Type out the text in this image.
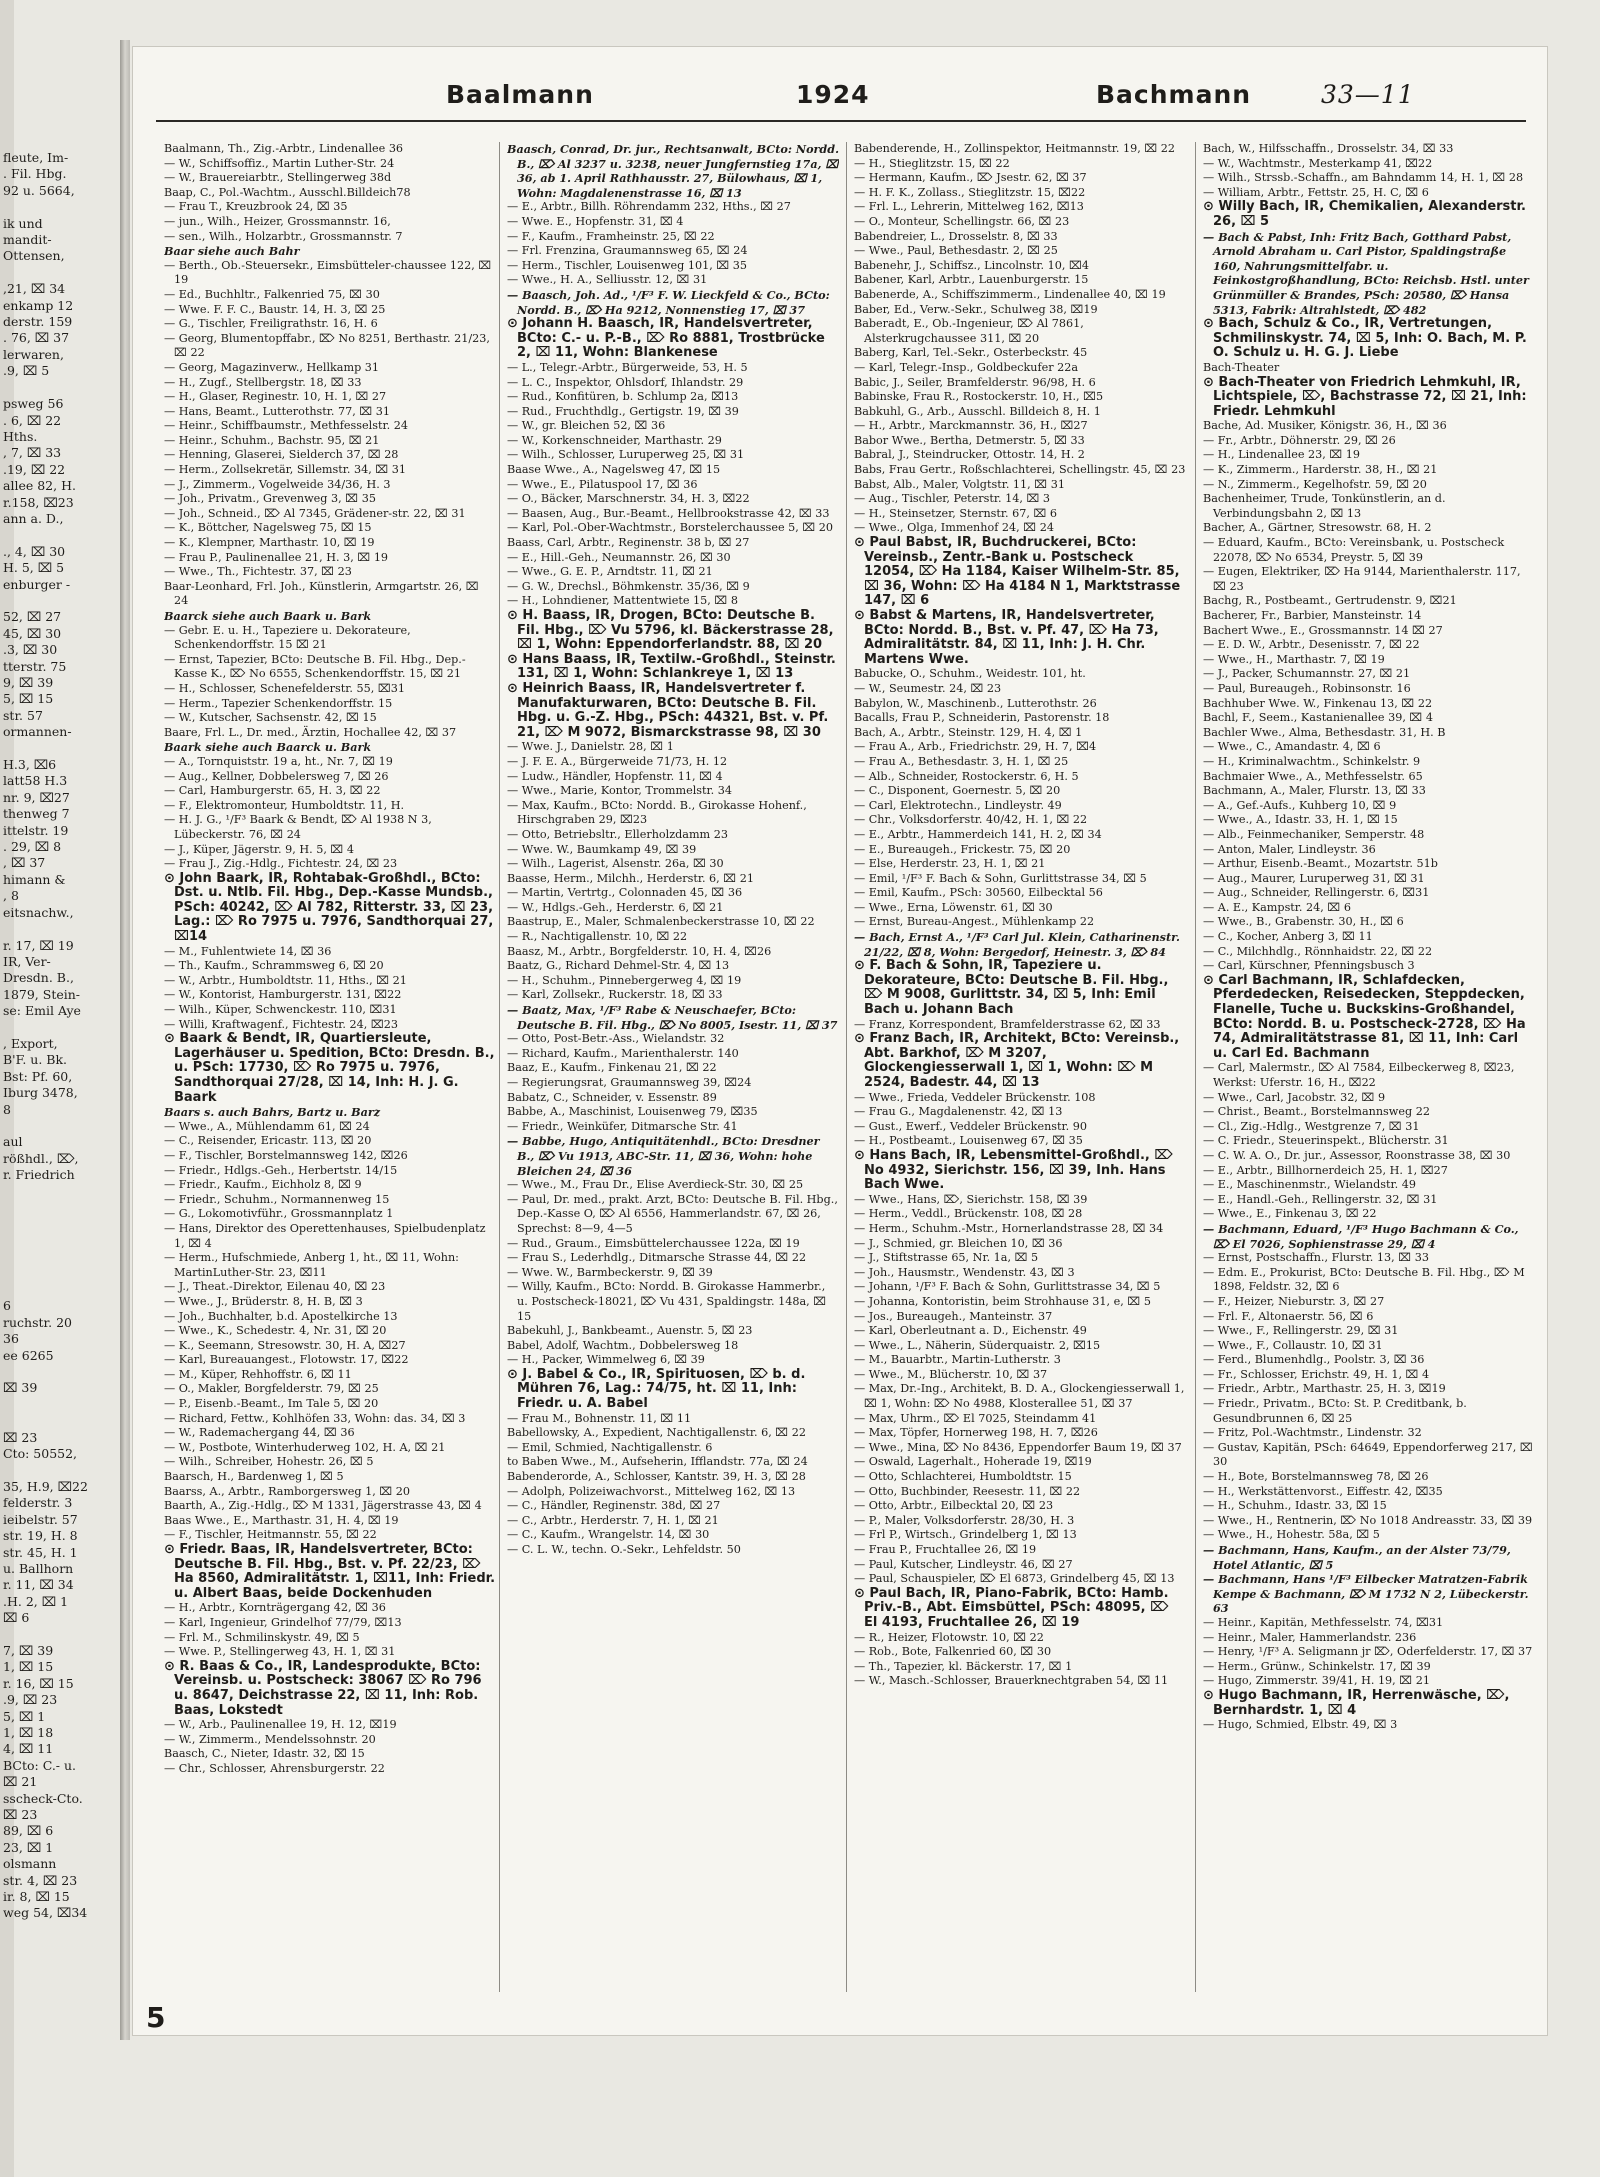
fleute, Im-
. Fil. Hbg.
92 u. 5664,

ik und
mandit-
Ottensen,

,21, ⌧ 34
enkamp 12
derstr. 159
. 76, ⌧ 37
lerwaren,
.9, ⌧ 5

psweg 56
. 6, ⌧ 22
Hths.
, 7, ⌧ 33
.19, ⌧ 22
allee 82, H.
r.158, ⌧23
ann a. D.,

., 4, ⌧ 30
H. 5, ⌧ 5
enburger -

52, ⌧ 27
45, ⌧ 30
.3, ⌧ 30
tterstr. 75
9, ⌧ 39
5, ⌧ 15
str. 57
ormannen-

H.3, ⌧6
latt58 H.3
nr. 9, ⌧27
thenweg 7
ittelstr. 19
. 29, ⌧ 8
, ⌧ 37
himann &
, 8
eitsnachw.,

r. 17, ⌧ 19
IR, Ver-
Dresdn. B.,
1879, Stein-
se: Emil Aye

, Export,
B'F. u. Bk.
Bst: Pf. 60,
Iburg 3478,
8

aul
rößhdl., ⌦,
r. Friedrich

6
ruchstr. 20
36
ee 6265

⌧ 39

⌧ 23
Cto: 50552,

35, H.9, ⌧22
felderstr. 3
ieibelstr. 57
str. 19, H. 8
str. 45, H. 1
u. Ballhorn
r. 11, ⌧ 34
.H. 2, ⌧ 1
⌧ 6

7, ⌧ 39
1, ⌧ 15
r. 16, ⌧ 15
.9, ⌧ 23
5, ⌧ 1
1, ⌧ 18
4, ⌧ 11
BCto: C.- u.
⌧ 21
sscheck-Cto.
⌧ 23
89, ⌧ 6
23, ⌧ 1
olsmann
str. 4, ⌧ 23
ir. 8, ⌧ 15
weg 54, ⌧34
Baalmann	1924	Bachmann	33—11

Baalmann, Th., Zig.-Arbtr., Lindenallee 36

— W., Schiffsoffiz., Martin Luther-Str. 24

— W., Brauereiarbtr., Stellingerweg 38d

Baap, C., Pol.-Wachtm., Ausschl.Billdeich78

— Frau T., Kreuzbrook 24, ⌧ 35

— jun., Wilh., Heizer, Grossmannstr. 16,

— sen., Wilh., Holzarbtr., Grossmannstr. 7

Baar siehe auch Bahr

— Berth., Ob.-Steuersekr., Eimsbütteler-chaussee 122, ⌧ 19

— Ed., Buchhltr., Falkenried 75, ⌧ 30

— Wwe. F. F. C., Baustr. 14, H. 3, ⌧ 25

— G., Tischler, Freiligrathstr. 16, H. 6

— Georg, Blumentopffabr., ⌦ No 8251, Berthastr. 21/23, ⌧ 22

— Georg, Magazinverw., Hellkamp 31

— H., Zugf., Stellbergstr. 18, ⌧ 33

— H., Glaser, Reginestr. 10, H. 1, ⌧ 27

— Hans, Beamt., Lutterothstr. 77, ⌧ 31

— Heinr., Schiffbaumstr., Methfesselstr. 24

— Heinr., Schuhm., Bachstr. 95, ⌧ 21

— Henning, Glaserei, Sielderch 37, ⌧ 28

— Herm., Zollsekretär, Sillemstr. 34, ⌧ 31

— J., Zimmerm., Vogelweide 34/36, H. 3

— Joh., Privatm., Grevenweg 3, ⌧ 35

— Joh., Schneid., ⌦ Al 7345, Grädener-str. 22, ⌧ 31

— K., Böttcher, Nagelsweg 75, ⌧ 15

— K., Klempner, Marthastr. 10, ⌧ 19

— Frau P., Paulinenallee 21, H. 3, ⌧ 19

— Wwe., Th., Fichtestr. 37, ⌧ 23

Baar-Leonhard, Frl. Joh., Künstlerin, Armgartstr. 26, ⌧ 24

Baarck siehe auch Baark u. Bark

— Gebr. E. u. H., Tapeziere u. Dekorateure, Schenkendorffstr. 15 ⌧ 21

— Ernst, Tapezier, BCto: Deutsche B. Fil. Hbg., Dep.-Kasse K., ⌦ No 6555, Schenkendorffstr. 15, ⌧ 21

— H., Schlosser, Schenefelderstr. 55, ⌧31

— Herm., Tapezier Schenkendorffstr. 15

— W., Kutscher, Sachsenstr. 42, ⌧ 15

Baare, Frl. L., Dr. med., Ärztin, Hochallee 42, ⌧ 37

Baark siehe auch Baarck u. Bark

— A., Tornquiststr. 19 a, ht., Nr. 7, ⌧ 19

— Aug., Kellner, Dobbelersweg 7, ⌧ 26

— Carl, Hamburgerstr. 65, H. 3, ⌧ 22

— F., Elektromonteur, Humboldtstr. 11, H.

— H. J. G., ¹/F³ Baark & Bendt, ⌦ Al 1938 N 3, Lübeckerstr. 76, ⌧ 24

— J., Küper, Jägerstr. 9, H. 5, ⌧ 4

— Frau J., Zig.-Hdlg., Fichtestr. 24, ⌧ 23

⊙ John Baark, IR, Rohtabak-Großhdl., BCto: Dst. u. Ntlb. Fil. Hbg., Dep.-Kasse Mundsb., PSch: 40242, ⌦ Al 782, Ritterstr. 33, ⌧ 23, Lag.: ⌦ Ro 7975 u. 7976, Sandthorquai 27, ⌧14

— M., Fuhlentwiete 14, ⌧ 36

— Th., Kaufm., Schrammsweg 6, ⌧ 20

— W., Arbtr., Humboldtstr. 11, Hths., ⌧ 21

— W., Kontorist, Hamburgerstr. 131, ⌧22

— Wilh., Küper, Schwenckestr. 110, ⌧31

— Willi, Kraftwagenf., Fichtestr. 24, ⌧23

⊙ Baark & Bendt, IR, Quartiersleute, Lagerhäuser u. Spedition, BCto: Dresdn. B., u. PSch: 17730, ⌦ Ro 7975 u. 7976, Sandthorquai 27/28, ⌧ 14, Inh: H. J. G. Baark

Baars s. auch Bahrs, Bartz u. Barz

— Wwe., A., Mühlendamm 61, ⌧ 24

— C., Reisender, Ericastr. 113, ⌧ 20

— F., Tischler, Borstelmannsweg 142, ⌧26

— Friedr., Hdlgs.-Geh., Herbertstr. 14/15

— Friedr., Kaufm., Eichholz 8, ⌧ 9

— Friedr., Schuhm., Normannenweg 15

— G., Lokomotivführ., Grossmannplatz 1

— Hans, Direktor des Operettenhauses, Spielbudenplatz 1, ⌧ 4

— Herm., Hufschmiede, Anberg 1, ht., ⌧ 11, Wohn: MartinLuther-Str. 23, ⌧11

— J., Theat.-Direktor, Eilenau 40, ⌧ 23

— Wwe., J., Brüderstr. 8, H. B, ⌧ 3

— Joh., Buchhalter, b.d. Apostelkirche 13

— Wwe., K., Schedestr. 4, Nr. 31, ⌧ 20

— K., Seemann, Stresowstr. 30, H. A, ⌧27

— Karl, Bureauangest., Flotowstr. 17, ⌧22

— M., Küper, Rehhoffstr. 6, ⌧ 11

— O., Makler, Borgfelderstr. 79, ⌧ 25

— P., Eisenb.-Beamt., Im Tale 5, ⌧ 20

— Richard, Fettw., Kohlhöfen 33, Wohn: das. 34, ⌧ 3

— W., Rademachergang 44, ⌧ 36

— W., Postbote, Winterhuderweg 102, H. A, ⌧ 21

— Wilh., Schreiber, Hohestr. 26, ⌧ 5

Baarsch, H., Bardenweg 1, ⌧ 5

Baarss, A., Arbtr., Ramborgersweg 1, ⌧ 20

Baarth, A., Zig.-Hdlg., ⌦ M 1331, Jägerstrasse 43, ⌧ 4

Baas Wwe., E., Marthastr. 31, H. 4, ⌧ 19

— F., Tischler, Heitmannstr. 55, ⌧ 22

⊙ Friedr. Baas, IR, Handelsvertreter, BCto: Deutsche B. Fil. Hbg., Bst. v. Pf. 22/23, ⌦ Ha 8560, Admiralitätstr. 1, ⌧11, Inh: Friedr. u. Albert Baas, beide Dockenhuden

— H., Arbtr., Kornträgergang 42, ⌧ 36

— Karl, Ingenieur, Grindelhof 77/79, ⌧13

— Frl. M., Schmilinskystr. 49, ⌧ 5

— Wwe. P., Stellingerweg 43, H. 1, ⌧ 31

⊙ R. Baas & Co., IR, Landesprodukte, BCto: Vereinsb. u. Postscheck: 38067 ⌦ Ro 796 u. 8647, Deichstrasse 22, ⌧ 11, Inh: Rob. Baas, Lokstedt

— W., Arb., Paulinenallee 19, H. 12, ⌧19

— W., Zimmerm., Mendelssohnstr. 20

Baasch, C., Nieter, Idastr. 32, ⌧ 15

— Chr., Schlosser, Ahrensburgerstr. 22

Baasch, Conrad, Dr. jur., Rechtsanwalt, BCto: Nordd. B., ⌦ Al 3237 u. 3238, neuer Jungfernstieg 17a, ⌧ 36, ab 1. April Rathhausstr. 27, Bülowhaus, ⌧ 1, Wohn: Magdalenenstrasse 16, ⌧ 13

— E., Arbtr., Billh. Röhrendamm 232, Hths., ⌧ 27

— Wwe. E., Hopfenstr. 31, ⌧ 4

— F., Kaufm., Framheinstr. 25, ⌧ 22

— Frl. Frenzina, Graumannsweg 65, ⌧ 24

— Herm., Tischler, Louisenweg 101, ⌧ 35

— Wwe., H. A., Selliusstr. 12, ⌧ 31

— Baasch, Joh. Ad., ¹/F³ F. W. Lieckfeld & Co., BCto: Nordd. B., ⌦ Ha 9212, Nonnenstieg 17, ⌧ 37

⊙ Johann H. Baasch, IR, Handelsvertreter, BCto: C.- u. P.-B., ⌦ Ro 8881, Trostbrücke 2, ⌧ 11, Wohn: Blankenese

— L., Telegr.-Arbtr., Bürgerweide, 53, H. 5

— L. C., Inspektor, Ohlsdorf, Ihlandstr. 29

— Rud., Konfitüren, b. Schlump 2a, ⌧13

— Rud., Fruchthdlg., Gertigstr. 19, ⌧ 39

— W., gr. Bleichen 52, ⌧ 36

— W., Korkenschneider, Marthastr. 29

— Wilh., Schlosser, Luruperweg 25, ⌧ 31

Baase Wwe., A., Nagelsweg 47, ⌧ 15

— Wwe., E., Pilatuspool 17, ⌧ 36

— O., Bäcker, Marschnerstr. 34, H. 3, ⌧22

— Baasen, Aug., Bur.-Beamt., Hellbrookstrasse 42, ⌧ 33

— Karl, Pol.-Ober-Wachtmstr., Borstelerchaussee 5, ⌧ 20

Baass, Carl, Arbtr., Reginenstr. 38 b, ⌧ 27

— E., Hill.-Geh., Neumannstr. 26, ⌧ 30

— Wwe., G. E. P., Arndtstr. 11, ⌧ 21

— G. W., Drechsl., Böhmkenstr. 35/36, ⌧ 9

— H., Lohndiener, Mattentwiete 15, ⌧ 8

⊙ H. Baass, IR, Drogen, BCto: Deutsche B. Fil. Hbg., ⌦ Vu 5796, kl. Bäckerstrasse 28, ⌧ 1, Wohn: Eppendorferlandstr. 88, ⌧ 20

⊙ Hans Baass, IR, Textilw.-Großhdl., Steinstr. 131, ⌧ 1, Wohn: Schlankreye 1, ⌧ 13

⊙ Heinrich Baass, IR, Handelsvertreter f. Manufakturwaren, BCto: Deutsche B. Fil. Hbg. u. G.-Z. Hbg., PSch: 44321, Bst. v. Pf. 21, ⌦ M 9072, Bismarckstrasse 98, ⌧ 30

— Wwe. J., Danielstr. 28, ⌧ 1

— J. F. E. A., Bürgerweide 71/73, H. 12

— Ludw., Händler, Hopfenstr. 11, ⌧ 4

— Wwe., Marie, Kontor, Trommelstr. 34

— Max, Kaufm., BCto: Nordd. B., Girokasse Hohenf., Hirschgraben 29, ⌧23

— Otto, Betriebsltr., Ellerholzdamm 23

— Wwe. W., Baumkamp 49, ⌧ 39

— Wilh., Lagerist, Alsenstr. 26a, ⌧ 30

Baasse, Herm., Milchh., Herderstr. 6, ⌧ 21

— Martin, Vertrtg., Colonnaden 45, ⌧ 36

— W., Hdlgs.-Geh., Herderstr. 6, ⌧ 21

Baastrup, E., Maler, Schmalenbeckerstrasse 10, ⌧ 22

— R., Nachtigallenstr. 10, ⌧ 22

Baasz, M., Arbtr., Borgfelderstr. 10, H. 4, ⌧26

Baatz, G., Richard Dehmel-Str. 4, ⌧ 13

— H., Schuhm., Pinnebergerweg 4, ⌧ 19

— Karl, Zollsekr., Ruckerstr. 18, ⌧ 33

— Baatz, Max, ¹/F³ Rabe & Neuschaefer, BCto: Deutsche B. Fil. Hbg., ⌦ No 8005, Isestr. 11, ⌧ 37

— Otto, Post-Betr.-Ass., Wielandstr. 32

— Richard, Kaufm., Marienthalerstr. 140

Baaz, E., Kaufm., Finkenau 21, ⌧ 22

— Regierungsrat, Graumannsweg 39, ⌧24

Babatz, C., Schneider, v. Essenstr. 89

Babbe, A., Maschinist, Louisenweg 79, ⌧35

— Friedr., Weinküfer, Ditmarsche Str. 41

— Babbe, Hugo, Antiquitätenhdl., BCto: Dresdner B., ⌦ Vu 1913, ABC-Str. 11, ⌧ 36, Wohn: hohe Bleichen 24, ⌧ 36

— Wwe., M., Frau Dr., Elise Averdieck-Str. 30, ⌧ 25

— Paul, Dr. med., prakt. Arzt, BCto: Deutsche B. Fil. Hbg., Dep.-Kasse O, ⌦ Al 6556, Hammerlandstr. 67, ⌧ 26, Sprechst: 8—9, 4—5

— Rud., Graum., Eimsbüttelerchaussee 122a, ⌧ 19

— Frau S., Lederhdlg., Ditmarsche Strasse 44, ⌧ 22

— Wwe. W., Barmbeckerstr. 9, ⌧ 39

— Willy, Kaufm., BCto: Nordd. B. Girokasse Hammerbr., u. Postscheck-18021, ⌦ Vu 431, Spaldingstr. 148a, ⌧ 15

Babekuhl, J., Bankbeamt., Auenstr. 5, ⌧ 23

Babel, Adolf, Wachtm., Dobbelersweg 18

— H., Packer, Wimmelweg 6, ⌧ 39

⊙ J. Babel & Co., IR, Spirituosen, ⌦ b. d. Mühren 76, Lag.: 74/75, ht. ⌧ 11, Inh: Friedr. u. A. Babel

— Frau M., Bohnenstr. 11, ⌧ 11

Babellowsky, A., Expedient, Nachtigallenstr. 6, ⌧ 22

— Emil, Schmied, Nachtigallenstr. 6

to Baben Wwe., M., Aufseherin, Ifflandstr. 77a, ⌧ 24

Babenderorde, A., Schlosser, Kantstr. 39, H. 3, ⌧ 28

— Adolph, Polizeiwachvorst., Mittelweg 162, ⌧ 13

— C., Händler, Reginenstr. 38d, ⌧ 27

— C., Arbtr., Herderstr. 7, H. 1, ⌧ 21

— C., Kaufm., Wrangelstr. 14, ⌧ 30

— C. L. W., techn. O.-Sekr., Lehfeldstr. 50

Babenderende, H., Zollinspektor, Heitmannstr. 19, ⌧ 22

— H., Stieglitzstr. 15, ⌧ 22

— Hermann, Kaufm., ⌦ Jsestr. 62, ⌧ 37

— H. F. K., Zollass., Stieglitzstr. 15, ⌧22

— Frl. L., Lehrerin, Mittelweg 162, ⌧13

— O., Monteur, Schellingstr. 66, ⌧ 23

Babendreier, L., Drosselstr. 8, ⌧ 33

— Wwe., Paul, Bethesdastr. 2, ⌧ 25

Babenehr, J., Schiffsz., Lincolnstr. 10, ⌧4

Babener, Karl, Arbtr., Lauenburgerstr. 15

Babenerde, A., Schiffszimmerm., Lindenallee 40, ⌧ 19

Baber, Ed., Verw.-Sekr., Schulweg 38, ⌧19

Baberadt, E., Ob.-Ingenieur, ⌦ Al 7861, Alsterkrugchaussee 311, ⌧ 20

Baberg, Karl, Tel.-Sekr., Osterbeckstr. 45

— Karl, Telegr.-Insp., Goldbeckufer 22a

Babic, J., Seiler, Bramfelderstr. 96/98, H. 6

Babinske, Frau R., Rostockerstr. 10, H., ⌧5

Babkuhl, G., Arb., Ausschl. Billdeich 8, H. 1

— H., Arbtr., Marckmannstr. 36, H., ⌧27

Babor Wwe., Bertha, Detmerstr. 5, ⌧ 33

Babral, J., Steindrucker, Ottostr. 14, H. 2

Babs, Frau Gertr., Roßschlachterei, Schellingstr. 45, ⌧ 23

Babst, Alb., Maler, Volgtstr. 11, ⌧ 31

— Aug., Tischler, Peterstr. 14, ⌧ 3

— H., Steinsetzer, Sternstr. 67, ⌧ 6

— Wwe., Olga, Immenhof 24, ⌧ 24

⊙ Paul Babst, IR, Buchdruckerei, BCto: Vereinsb., Zentr.-Bank u. Postscheck 12054, ⌦ Ha 1184, Kaiser Wilhelm-Str. 85, ⌧ 36, Wohn: ⌦ Ha 4184 N 1, Marktstrasse 147, ⌧ 6

⊙ Babst & Martens, IR, Handelsvertreter, BCto: Nordd. B., Bst. v. Pf. 47, ⌦ Ha 73, Admiralitätstr. 84, ⌧ 11, Inh: J. H. Chr. Martens Wwe.

Babucke, O., Schuhm., Weidestr. 101, ht.

— W., Seumestr. 24, ⌧ 23

Babylon, W., Maschinenb., Lutterothstr. 26

Bacalls, Frau P., Schneiderin, Pastorenstr. 18

Bach, A., Arbtr., Steinstr. 129, H. 4, ⌧ 1

— Frau A., Arb., Friedrichstr. 29, H. 7, ⌧4

— Frau A., Bethesdastr. 3, H. 1, ⌧ 25

— Alb., Schneider, Rostockerstr. 6, H. 5

— C., Disponent, Goernestr. 5, ⌧ 20

— Carl, Elektrotechn., Lindleystr. 49

— Chr., Volksdorferstr. 40/42, H. 1, ⌧ 22

— E., Arbtr., Hammerdeich 141, H. 2, ⌧ 34

— E., Bureaugeh., Frickestr. 75, ⌧ 20

— Else, Herderstr. 23, H. 1, ⌧ 21

— Emil, ¹/F³ F. Bach & Sohn, Gurlittstrasse 34, ⌧ 5

— Emil, Kaufm., PSch: 30560, Eilbecktal 56

— Wwe., Erna, Löwenstr. 61, ⌧ 30

— Ernst, Bureau-Angest., Mühlenkamp 22

— Bach, Ernst A., ¹/F³ Carl Jul. Klein, Catharinenstr. 21/22, ⌧ 8, Wohn: Bergedorf, Heinestr. 3, ⌦ 84

⊙ F. Bach & Sohn, IR, Tapeziere u. Dekorateure, BCto: Deutsche B. Fil. Hbg., ⌦ M 9008, Gurlittstr. 34, ⌧ 5, Inh: Emil Bach u. Johann Bach

— Franz, Korrespondent, Bramfelderstrasse 62, ⌧ 33

⊙ Franz Bach, IR, Architekt, BCto: Vereinsb., Abt. Barkhof, ⌦ M 3207, Glockengiesserwall 1, ⌧ 1, Wohn: ⌦ M 2524, Badestr. 44, ⌧ 13

— Wwe., Frieda, Veddeler Brückenstr. 108

— Frau G., Magdalenenstr. 42, ⌧ 13

— Gust., Ewerf., Veddeler Brückenstr. 90

— H., Postbeamt., Louisenweg 67, ⌧ 35

⊙ Hans Bach, IR, Lebensmittel-Großhdl., ⌦ No 4932, Sierichstr. 156, ⌧ 39, Inh. Hans Bach Wwe.

— Wwe., Hans, ⌦, Sierichstr. 158, ⌧ 39

— Herm., Veddl., Brückenstr. 108, ⌧ 28

— Herm., Schuhm.-Mstr., Hornerlandstrasse 28, ⌧ 34

— J., Schmied, gr. Bleichen 10, ⌧ 36

— J., Stiftstrasse 65, Nr. 1a, ⌧ 5

— Joh., Hausmstr., Wendenstr. 43, ⌧ 3

— Johann, ¹/F³ F. Bach & Sohn, Gurlittstrasse 34, ⌧ 5

— Johanna, Kontoristin, beim Strohhause 31, e, ⌧ 5

— Jos., Bureaugeh., Manteinstr. 37

— Karl, Oberleutnant a. D., Eichenstr. 49

— Wwe., L., Näherin, Süderquaistr. 2, ⌧15

— M., Bauarbtr., Martin-Lutherstr. 3

— Wwe., M., Blücherstr. 10, ⌧ 37

— Max, Dr.-Ing., Architekt, B. D. A., Glockengiesserwall 1, ⌧ 1, Wohn: ⌦ No 4988, Klosterallee 51, ⌧ 37

— Max, Uhrm., ⌦ El 7025, Steindamm 41

— Max, Töpfer, Hornerweg 198, H. 7, ⌧26

— Wwe., Mina, ⌦ No 8436, Eppendorfer Baum 19, ⌧ 37

— Oswald, Lagerhalt., Hoherade 19, ⌧19

— Otto, Schlachterei, Humboldtstr. 15

— Otto, Buchbinder, Reesestr. 11, ⌧ 22

— Otto, Arbtr., Eilbecktal 20, ⌧ 23

— P., Maler, Volksdorferstr. 28/30, H. 3

— Frl P., Wirtsch., Grindelberg 1, ⌧ 13

— Frau P., Fruchtallee 26, ⌧ 19

— Paul, Kutscher, Lindleystr. 46, ⌧ 27

— Paul, Schauspieler, ⌦ El 6873, Grindelberg 45, ⌧ 13

⊙ Paul Bach, IR, Piano-Fabrik, BCto: Hamb. Priv.-B., Abt. Eimsbüttel, PSch: 48095, ⌦ El 4193, Fruchtallee 26, ⌧ 19

— R., Heizer, Flotowstr. 10, ⌧ 22

— Rob., Bote, Falkenried 60, ⌧ 30

— Th., Tapezier, kl. Bäckerstr. 17, ⌧ 1

— W., Masch.-Schlosser, Brauerknechtgraben 54, ⌧ 11

Bach, W., Hilfsschaffn., Drosselstr. 34, ⌧ 33

— W., Wachtmstr., Mesterkamp 41, ⌧22

— Wilh., Strssb.-Schaffn., am Bahndamm 14, H. 1, ⌧ 28

— William, Arbtr., Fettstr. 25, H. C, ⌧ 6

⊙ Willy Bach, IR, Chemikalien, Alexanderstr. 26, ⌧ 5

— Bach & Pabst, Inh: Fritz Bach, Gotthard Pabst, Arnold Abraham u. Carl Pistor, Spaldingstraße 160, Nahrungsmittelfabr. u. Feinkostgroßhandlung, BCto: Reichsb. Hstl. unter Grünmüller & Brandes, PSch: 20580, ⌦ Hansa 5313, Fabrik: Altrahlstedt, ⌦ 482

⊙ Bach, Schulz & Co., IR, Vertretungen, Schmilinskystr. 74, ⌧ 5, Inh: O. Bach, M. P. O. Schulz u. H. G. J. Liebe

Bach-Theater

⊙ Bach-Theater von Friedrich Lehmkuhl, IR, Lichtspiele, ⌦, Bachstrasse 72, ⌧ 21, Inh: Friedr. Lehmkuhl

Bache, Ad. Musiker, Königstr. 36, H., ⌧ 36

— Fr., Arbtr., Döhnerstr. 29, ⌧ 26

— H., Lindenallee 23, ⌧ 19

— K., Zimmerm., Harderstr. 38, H., ⌧ 21

— N., Zimmerm., Kegelhofstr. 59, ⌧ 20

Bachenheimer, Trude, Tonkünstlerin, an d. Verbindungsbahn 2, ⌧ 13

Bacher, A., Gärtner, Stresowstr. 68, H. 2

— Eduard, Kaufm., BCto: Vereinsbank, u. Postscheck 22078, ⌦ No 6534, Preystr. 5, ⌧ 39

— Eugen, Elektriker, ⌦ Ha 9144, Marienthalerstr. 117, ⌧ 23

Bachg, R., Postbeamt., Gertrudenstr. 9, ⌧21

Bacherer, Fr., Barbier, Mansteinstr. 14

Bachert Wwe., E., Grossmannstr. 14 ⌧ 27

— E. D. W., Arbtr., Desenisstr. 7, ⌧ 22

— Wwe., H., Marthastr. 7, ⌧ 19

— J., Packer, Schumannstr. 27, ⌧ 21

— Paul, Bureaugeh., Robinsonstr. 16

Bachhuber Wwe. W., Finkenau 13, ⌧ 22

Bachl, F., Seem., Kastanienallee 39, ⌧ 4

Bachler Wwe., Alma, Bethesdastr. 31, H. B

— Wwe., C., Amandastr. 4, ⌧ 6

— H., Kriminalwachtm., Schinkelstr. 9

Bachmaier Wwe., A., Methfesselstr. 65

Bachmann, A., Maler, Flurstr. 13, ⌧ 33

— A., Gef.-Aufs., Kuhberg 10, ⌧ 9

— Wwe., A., Idastr. 33, H. 1, ⌧ 15

— Alb., Feinmechaniker, Semperstr. 48

— Anton, Maler, Lindleystr. 36

— Arthur, Eisenb.-Beamt., Mozartstr. 51b

— Aug., Maurer, Luruperweg 31, ⌧ 31

— Aug., Schneider, Rellingerstr. 6, ⌧31

— A. E., Kampstr. 24, ⌧ 6

— Wwe., B., Grabenstr. 30, H., ⌧ 6

— C., Kocher, Anberg 3, ⌧ 11

— C., Milchhdlg., Rönnhaidstr. 22, ⌧ 22

— Carl, Kürschner, Pfenningsbusch 3

⊙ Carl Bachmann, IR, Schlafdecken, Pferdedecken, Reisedecken, Steppdecken, Flanelle, Tuche u. Buckskins-Großhandel, BCto: Nordd. B. u. Postscheck-2728, ⌦ Ha 74, Admiralitätstrasse 81, ⌧ 11, Inh: Carl u. Carl Ed. Bachmann

— Carl, Malermstr., ⌦ Al 7584, Eilbeckerweg 8, ⌧23, Werkst: Uferstr. 16, H., ⌧22

— Wwe., Carl, Jacobstr. 32, ⌧ 9

— Christ., Beamt., Borstelmannsweg 22

— Cl., Zig.-Hdlg., Westgrenze 7, ⌧ 31

— C. Friedr., Steuerinspekt., Blücherstr. 31

— C. W. A. O., Dr. jur., Assessor, Roonstrasse 38, ⌧ 30

— E., Arbtr., Billhornerdeich 25, H. 1, ⌧27

— E., Maschinenmstr., Wielandstr. 49

— E., Handl.-Geh., Rellingerstr. 32, ⌧ 31

— Wwe., E., Finkenau 3, ⌧ 22

— Bachmann, Eduard, ¹/F³ Hugo Bachmann & Co., ⌦ El 7026, Sophienstrasse 29, ⌧ 4

— Ernst, Postschaffn., Flurstr. 13, ⌧ 33

— Edm. E., Prokurist, BCto: Deutsche B. Fil. Hbg., ⌦ M 1898, Feldstr. 32, ⌧ 6

— F., Heizer, Nieburstr. 3, ⌧ 27

— Frl. F., Altonaerstr. 56, ⌧ 6

— Wwe., F., Rellingerstr. 29, ⌧ 31

— Wwe., F., Collaustr. 10, ⌧ 31

— Ferd., Blumenhdlg., Poolstr. 3, ⌧ 36

— Fr., Schlosser, Erichstr. 49, H. 1, ⌧ 4

— Friedr., Arbtr., Marthastr. 25, H. 3, ⌧19

— Friedr., Privatm., BCto: St. P. Creditbank, b. Gesundbrunnen 6, ⌧ 25

— Fritz, Pol.-Wachtmstr., Lindenstr. 32

— Gustav, Kapitän, PSch: 64649, Eppendorferweg 217, ⌧ 30

— H., Bote, Borstelmannsweg 78, ⌧ 26

— H., Werkstättenvorst., Eiffestr. 42, ⌧35

— H., Schuhm., Idastr. 33, ⌧ 15

— Wwe., H., Rentnerin, ⌦ No 1018 Andreasstr. 33, ⌧ 39

— Wwe., H., Hohestr. 58a, ⌧ 5

— Bachmann, Hans, Kaufm., an der Alster 73/79, Hotel Atlantic, ⌧ 5

— Bachmann, Hans ¹/F³ Eilbecker Matratzen-Fabrik Kempe & Bachmann, ⌦ M 1732 N 2, Lübeckerstr. 63

— Heinr., Kapitän, Methfesselstr. 74, ⌧31

— Heinr., Maler, Hammerlandstr. 236

— Henry, ¹/F³ A. Seligmann jr ⌦, Oderfelderstr. 17, ⌧ 37

— Herm., Grünw., Schinkelstr. 17, ⌧ 39

— Hugo, Zimmerstr. 39/41, H. 19, ⌧ 21

⊙ Hugo Bachmann, IR, Herrenwäsche, ⌦, Bernhardstr. 1, ⌧ 4

— Hugo, Schmied, Elbstr. 49, ⌧ 3

5
